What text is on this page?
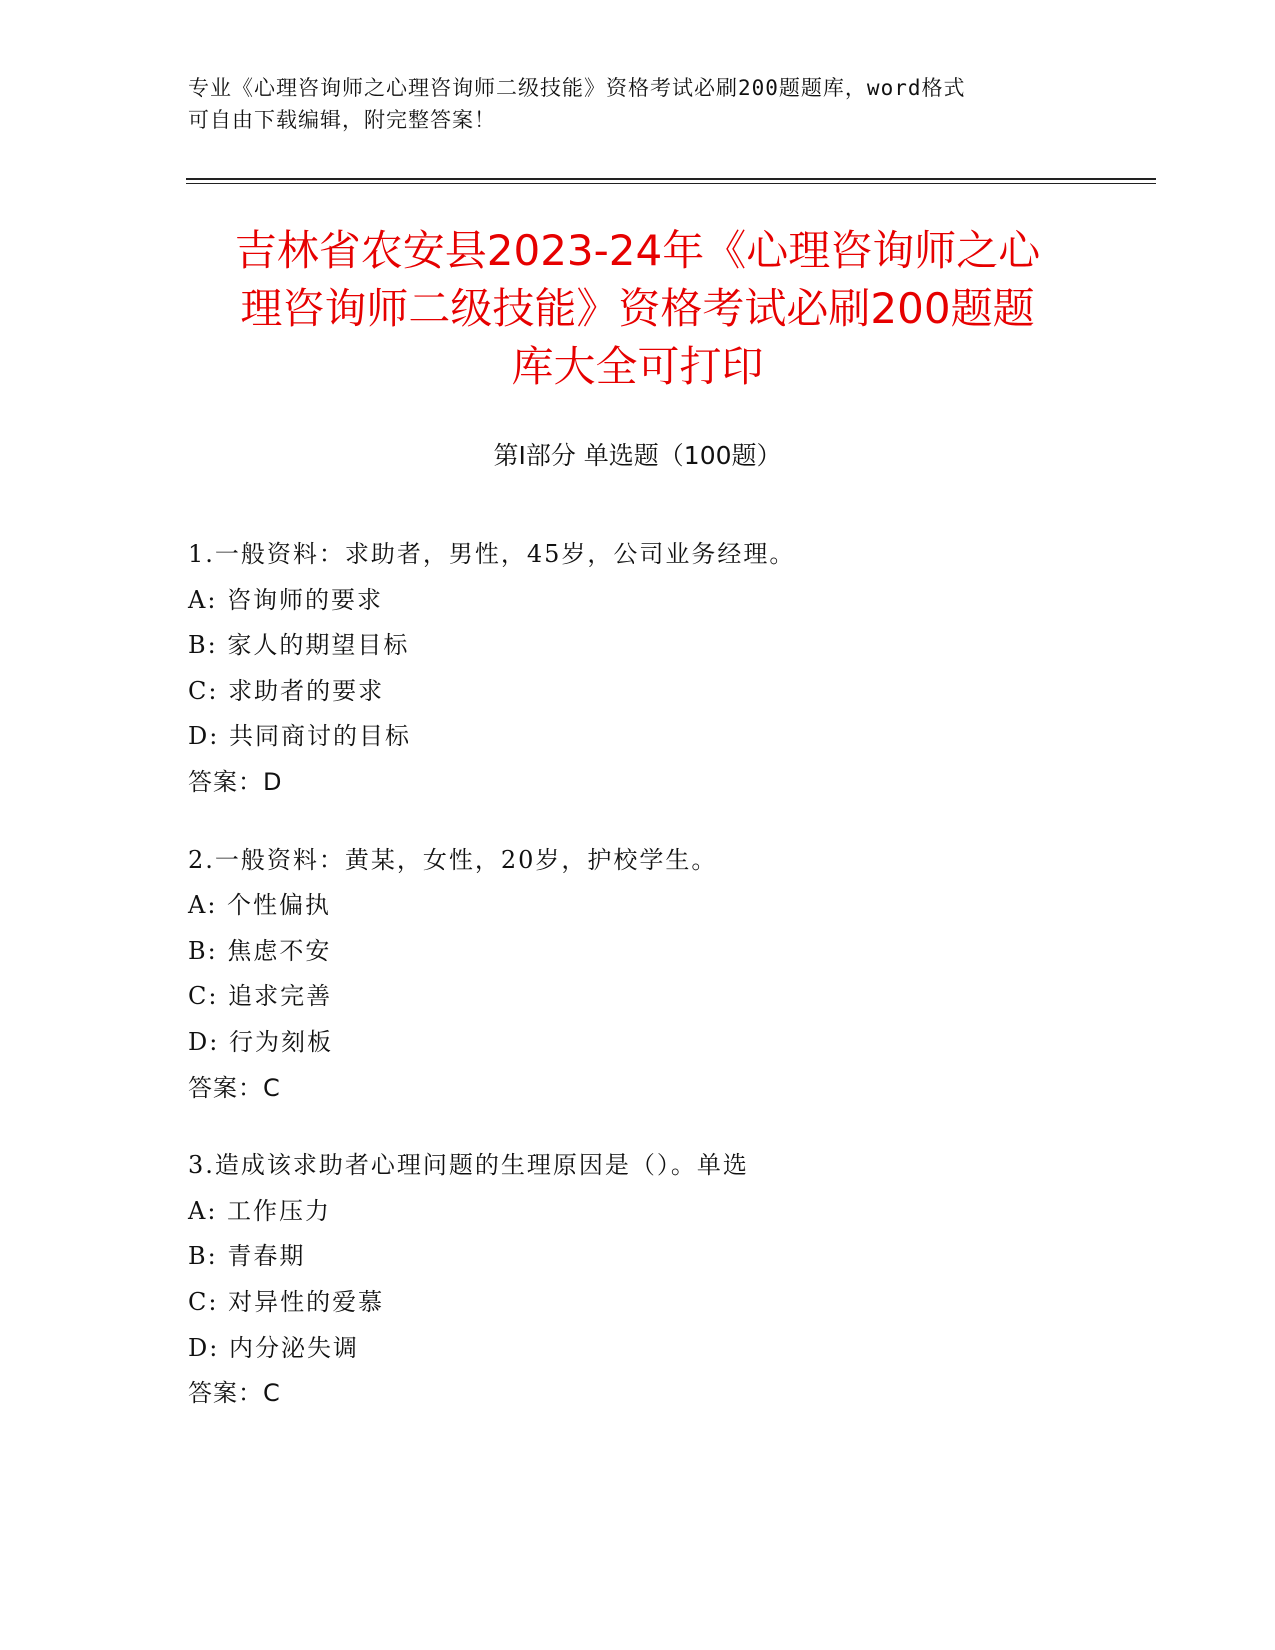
专业《心理咨询师之心理咨询师二级技能》资格考试必刷200题题库，word格式
可自由下载编辑，附完整答案！
吉林省农安县2023-24年《心理咨询师之心
理咨询师二级技能》资格考试必刷200题题
库大全可打印
第I部分 单选题（100题）
1.一般资料：求助者，男性，45岁，公司业务经理。
A: 咨询师的要求
B: 家人的期望目标
C: 求助者的要求
D: 共同商讨的目标
答案：D
2.一般资料：黄某，女性，20岁，护校学生。
A: 个性偏执
B: 焦虑不安
C: 追求完善
D: 行为刻板
答案：C
3.造成该求助者心理问题的生理原因是（）。单选
A: 工作压力
B: 青春期
C: 对异性的爱慕
D: 内分泌失调
答案：C
